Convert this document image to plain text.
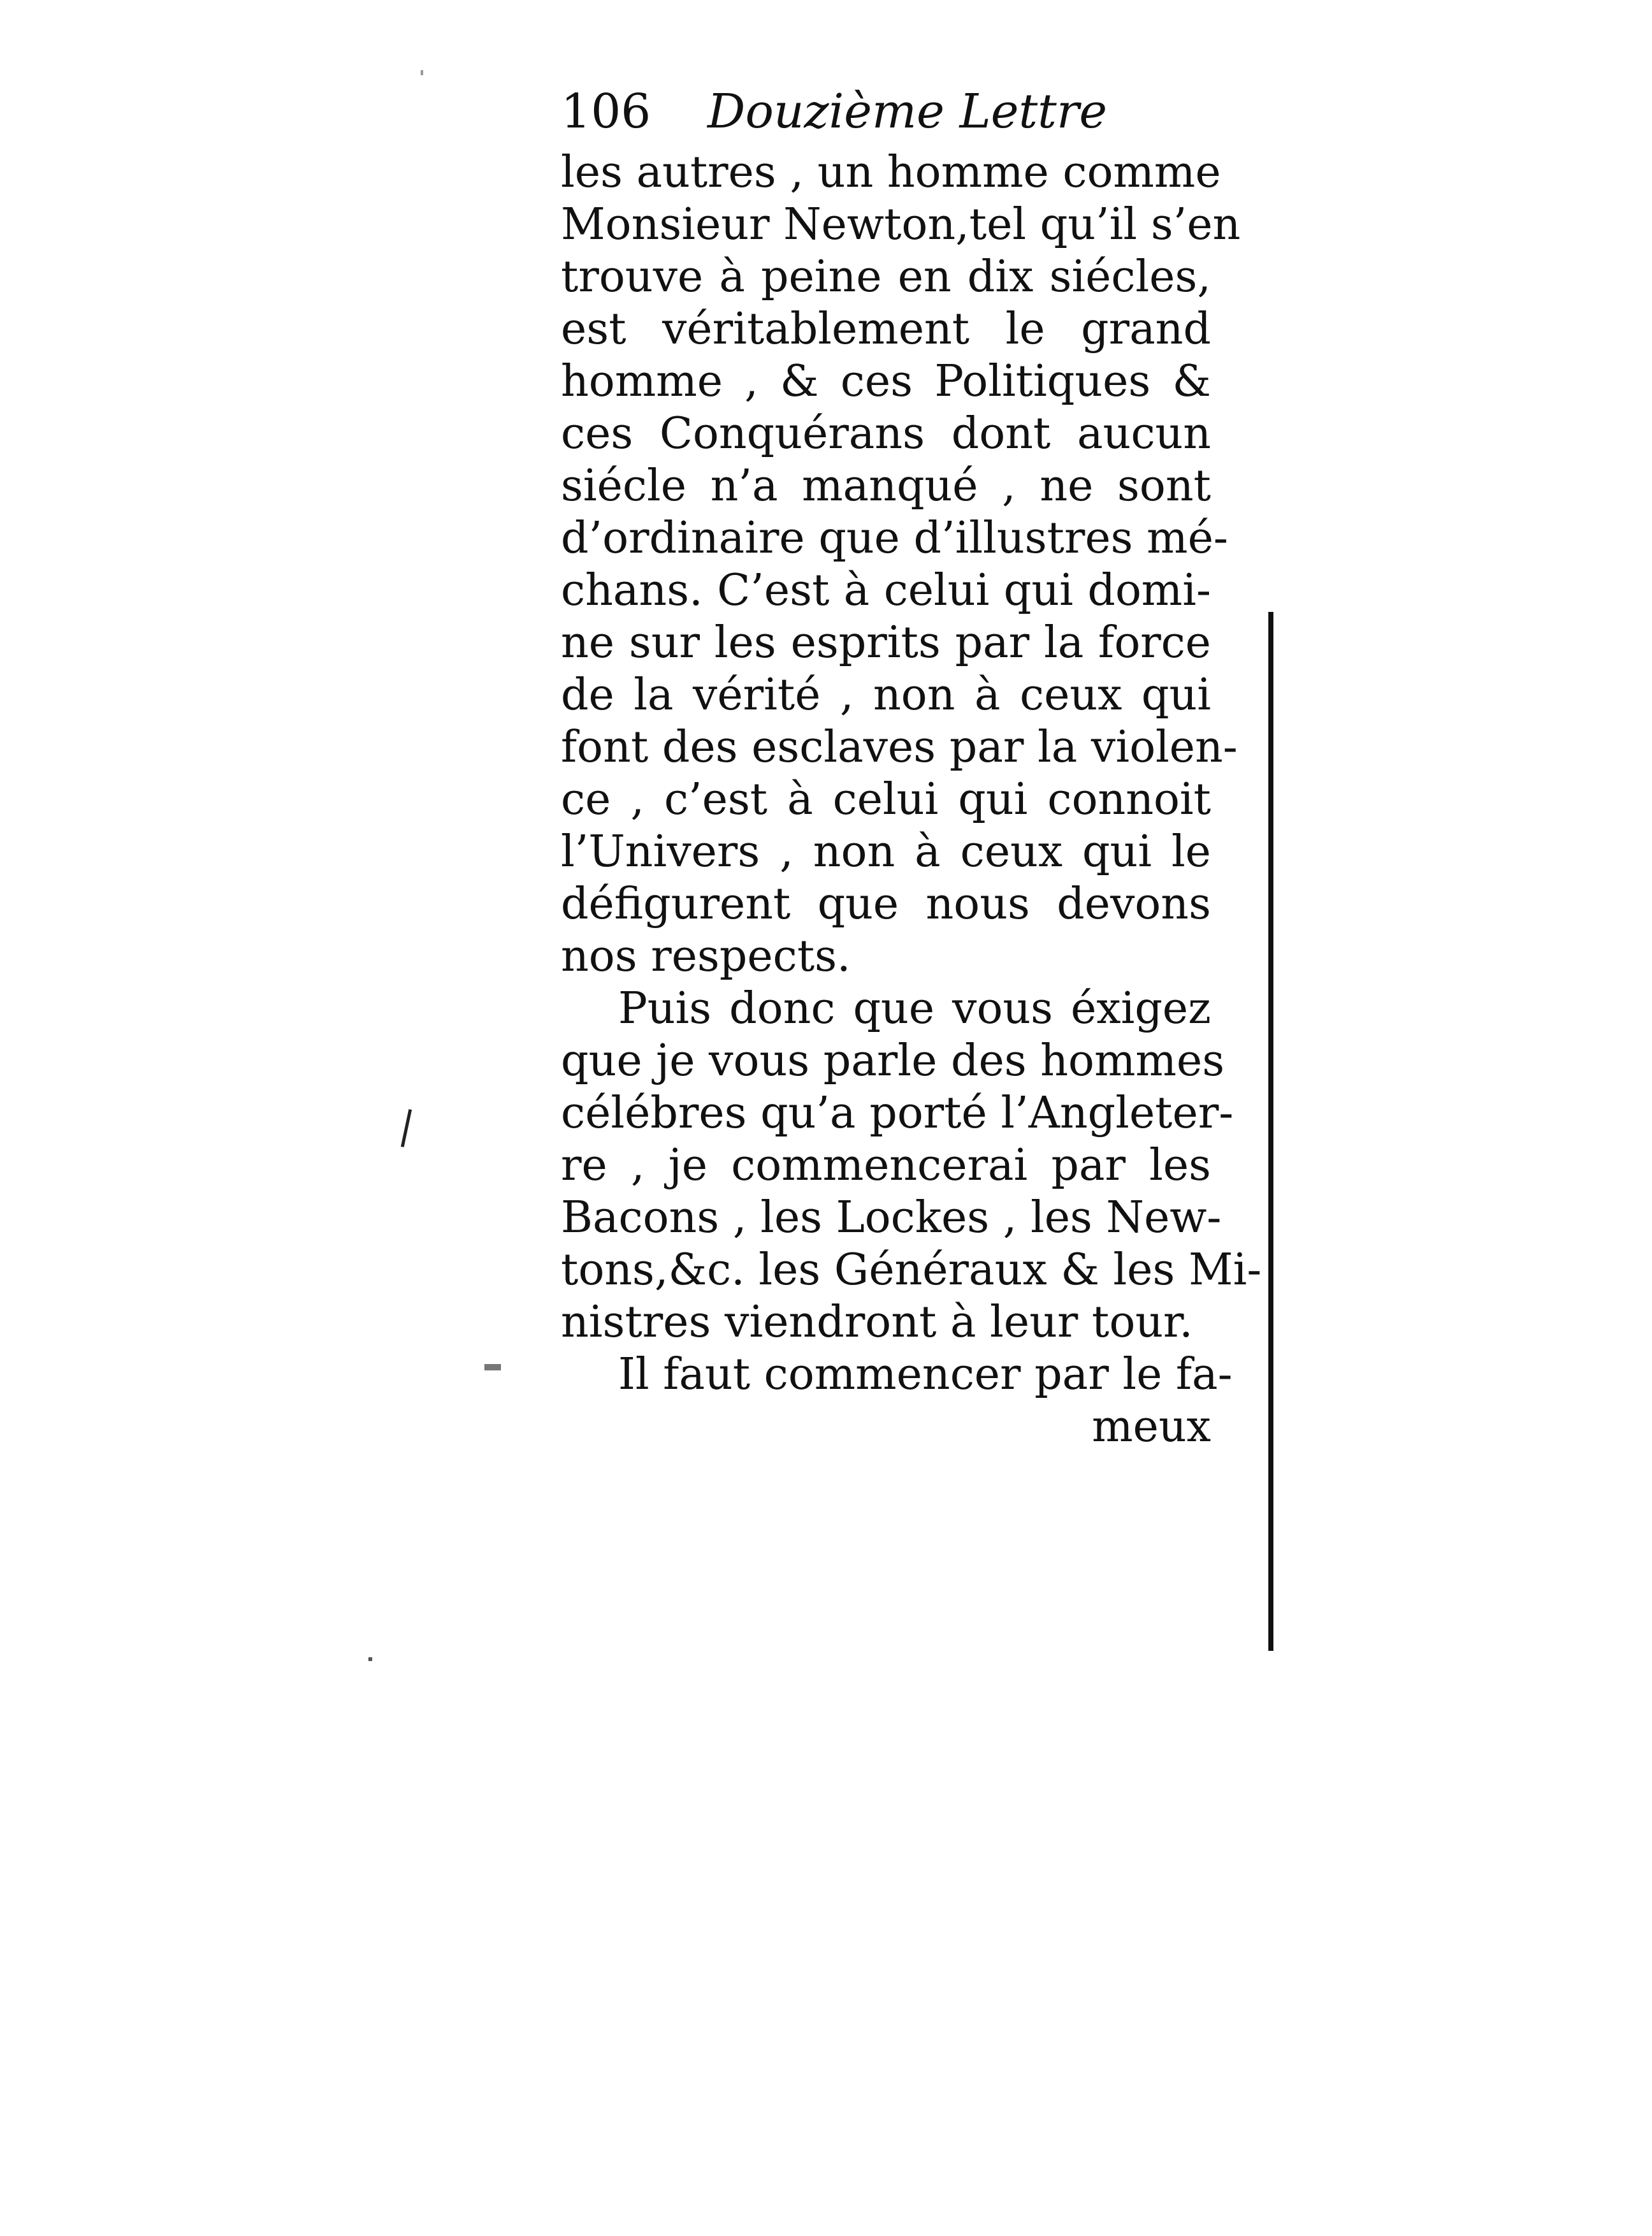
106 Douzième Lettre
les autres , un homme comme
Monsieur Newton,tel qu’il s’en
trouve à peine en dix siécles,
est véritablement le grand
homme , & ces Politiques &
ces Conquérans dont aucun
siécle n’a manqué , ne sont
d’ordinaire que d’illustres mé-
chans. C’est à celui qui domi-
ne sur les esprits par la force
de la vérité , non à ceux qui
font des esclaves par la violen-
ce , c’est à celui qui connoit
l’Univers , non à ceux qui le
défigurent que nous devons
nos respects.
Puis donc que vous éxigez
que je vous parle des hommes
célébres qu’a porté l’Angleter-
re , je commencerai par les
Bacons , les Lockes , les New-
tons,&c. les Généraux & les Mi-
nistres viendront à leur tour.
Il faut commencer par le fa-
meux
